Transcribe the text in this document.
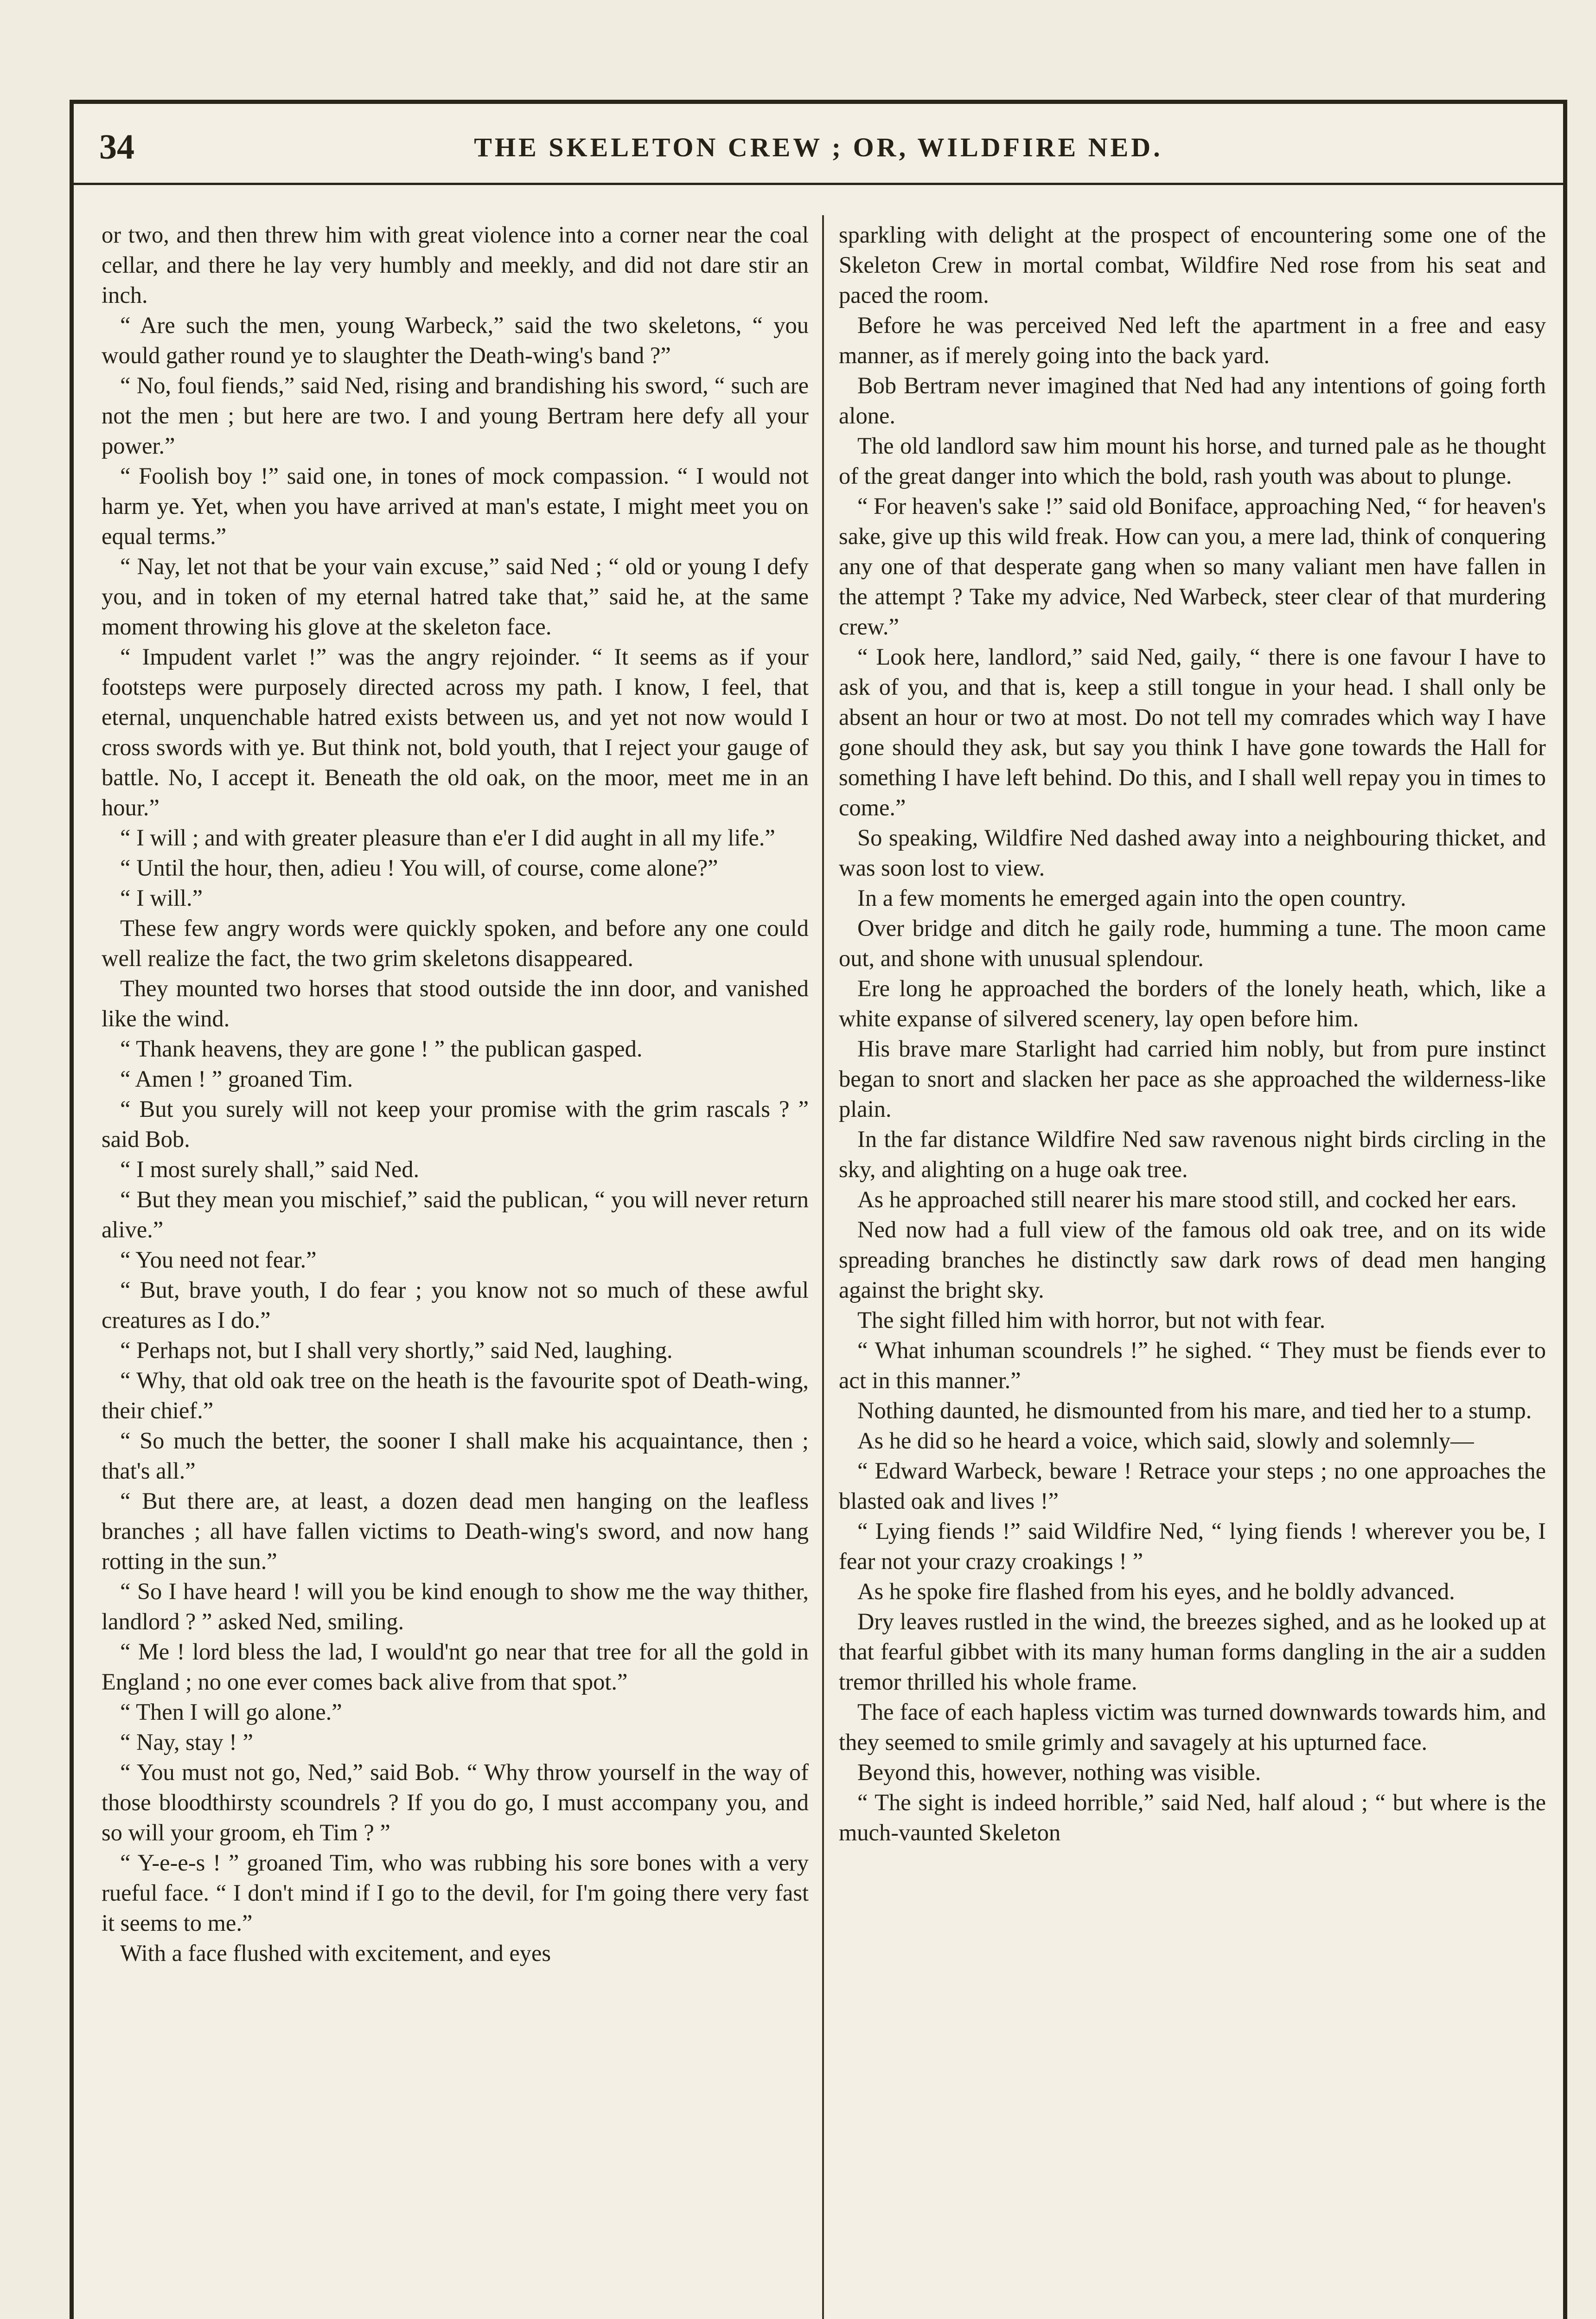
34	THE SKELETON CREW ; OR, WILDFIRE NED.

or two, and then threw him with great violence into a corner near the coal cellar, and there he lay very humbly and meekly, and did not dare stir an inch.

“ Are such the men, young Warbeck,” said the two skeletons, “ you would gather round ye to slaughter the Death-wing's band ?”

“ No, foul fiends,” said Ned, rising and brandishing his sword, “ such are not the men ; but here are two. I and young Bertram here defy all your power.”

“ Foolish boy !” said one, in tones of mock compassion. “ I would not harm ye. Yet, when you have arrived at man's estate, I might meet you on equal terms.”

“ Nay, let not that be your vain excuse,” said Ned ; “ old or young I defy you, and in token of my eternal hatred take that,” said he, at the same moment throwing his glove at the skeleton face.

“ Impudent varlet !” was the angry rejoinder. “ It seems as if your footsteps were purposely directed across my path. I know, I feel, that eternal, unquenchable hatred exists between us, and yet not now would I cross swords with ye. But think not, bold youth, that I reject your gauge of battle. No, I accept it. Beneath the old oak, on the moor, meet me in an hour.”

“ I will ; and with greater pleasure than e'er I did aught in all my life.”

“ Until the hour, then, adieu ! You will, of course, come alone?”

“ I will.”

These few angry words were quickly spoken, and before any one could well realize the fact, the two grim skeletons disappeared.

They mounted two horses that stood outside the inn door, and vanished like the wind.

“ Thank heavens, they are gone ! ” the publican gasped.

“ Amen ! ” groaned Tim.

“ But you surely will not keep your promise with the grim rascals ? ” said Bob.

“ I most surely shall,” said Ned.

“ But they mean you mischief,” said the publican, “ you will never return alive.”

“ You need not fear.”

“ But, brave youth, I do fear ; you know not so much of these awful creatures as I do.”

“ Perhaps not, but I shall very shortly,” said Ned, laughing.

“ Why, that old oak tree on the heath is the favourite spot of Death-wing, their chief.”

“ So much the better, the sooner I shall make his acquaintance, then ; that's all.”

“ But there are, at least, a dozen dead men hanging on the leafless branches ; all have fallen victims to Death-wing's sword, and now hang rotting in the sun.”

“ So I have heard ! will you be kind enough to show me the way thither, landlord ? ” asked Ned, smiling.

“ Me ! lord bless the lad, I would'nt go near that tree for all the gold in England ; no one ever comes back alive from that spot.”

“ Then I will go alone.”

“ Nay, stay ! ”

“ You must not go, Ned,” said Bob. “ Why throw yourself in the way of those bloodthirsty scoundrels ? If you do go, I must accompany you, and so will your groom, eh Tim ? ”

“ Y-e-e-s ! ” groaned Tim, who was rubbing his sore bones with a very rueful face. “ I don't mind if I go to the devil, for I'm going there very fast it seems to me.”

With a face flushed with excitement, and eyes

sparkling with delight at the prospect of encountering some one of the Skeleton Crew in mortal combat, Wildfire Ned rose from his seat and paced the room.

Before he was perceived Ned left the apartment in a free and easy manner, as if merely going into the back yard.

Bob Bertram never imagined that Ned had any intentions of going forth alone.

The old landlord saw him mount his horse, and turned pale as he thought of the great danger into which the bold, rash youth was about to plunge.

“ For heaven's sake !” said old Boniface, approaching Ned, “ for heaven's sake, give up this wild freak. How can you, a mere lad, think of conquering any one of that desperate gang when so many valiant men have fallen in the attempt ? Take my advice, Ned Warbeck, steer clear of that murdering crew.”

“ Look here, landlord,” said Ned, gaily, “ there is one favour I have to ask of you, and that is, keep a still tongue in your head. I shall only be absent an hour or two at most. Do not tell my comrades which way I have gone should they ask, but say you think I have gone towards the Hall for something I have left behind. Do this, and I shall well repay you in times to come.”

So speaking, Wildfire Ned dashed away into a neighbouring thicket, and was soon lost to view.

In a few moments he emerged again into the open country.

Over bridge and ditch he gaily rode, humming a tune. The moon came out, and shone with unusual splendour.

Ere long he approached the borders of the lonely heath, which, like a white expanse of silvered scenery, lay open before him.

His brave mare Starlight had carried him nobly, but from pure instinct began to snort and slacken her pace as she approached the wilderness-like plain.

In the far distance Wildfire Ned saw ravenous night birds circling in the sky, and alighting on a huge oak tree.

As he approached still nearer his mare stood still, and cocked her ears.

Ned now had a full view of the famous old oak tree, and on its wide spreading branches he distinctly saw dark rows of dead men hanging against the bright sky.

The sight filled him with horror, but not with fear.

“ What inhuman scoundrels !” he sighed. “ They must be fiends ever to act in this manner.”

Nothing daunted, he dismounted from his mare, and tied her to a stump.

As he did so he heard a voice, which said, slowly and solemnly—

“ Edward Warbeck, beware ! Retrace your steps ; no one approaches the blasted oak and lives !”

“ Lying fiends !” said Wildfire Ned, “ lying fiends ! wherever you be, I fear not your crazy croakings ! ”

As he spoke fire flashed from his eyes, and he boldly advanced.

Dry leaves rustled in the wind, the breezes sighed, and as he looked up at that fearful gibbet with its many human forms dangling in the air a sudden tremor thrilled his whole frame.

The face of each hapless victim was turned downwards towards him, and they seemed to smile grimly and savagely at his upturned face.

Beyond this, however, nothing was visible.

“ The sight is indeed horrible,” said Ned, half aloud ; “ but where is the much-vaunted Skeleton
